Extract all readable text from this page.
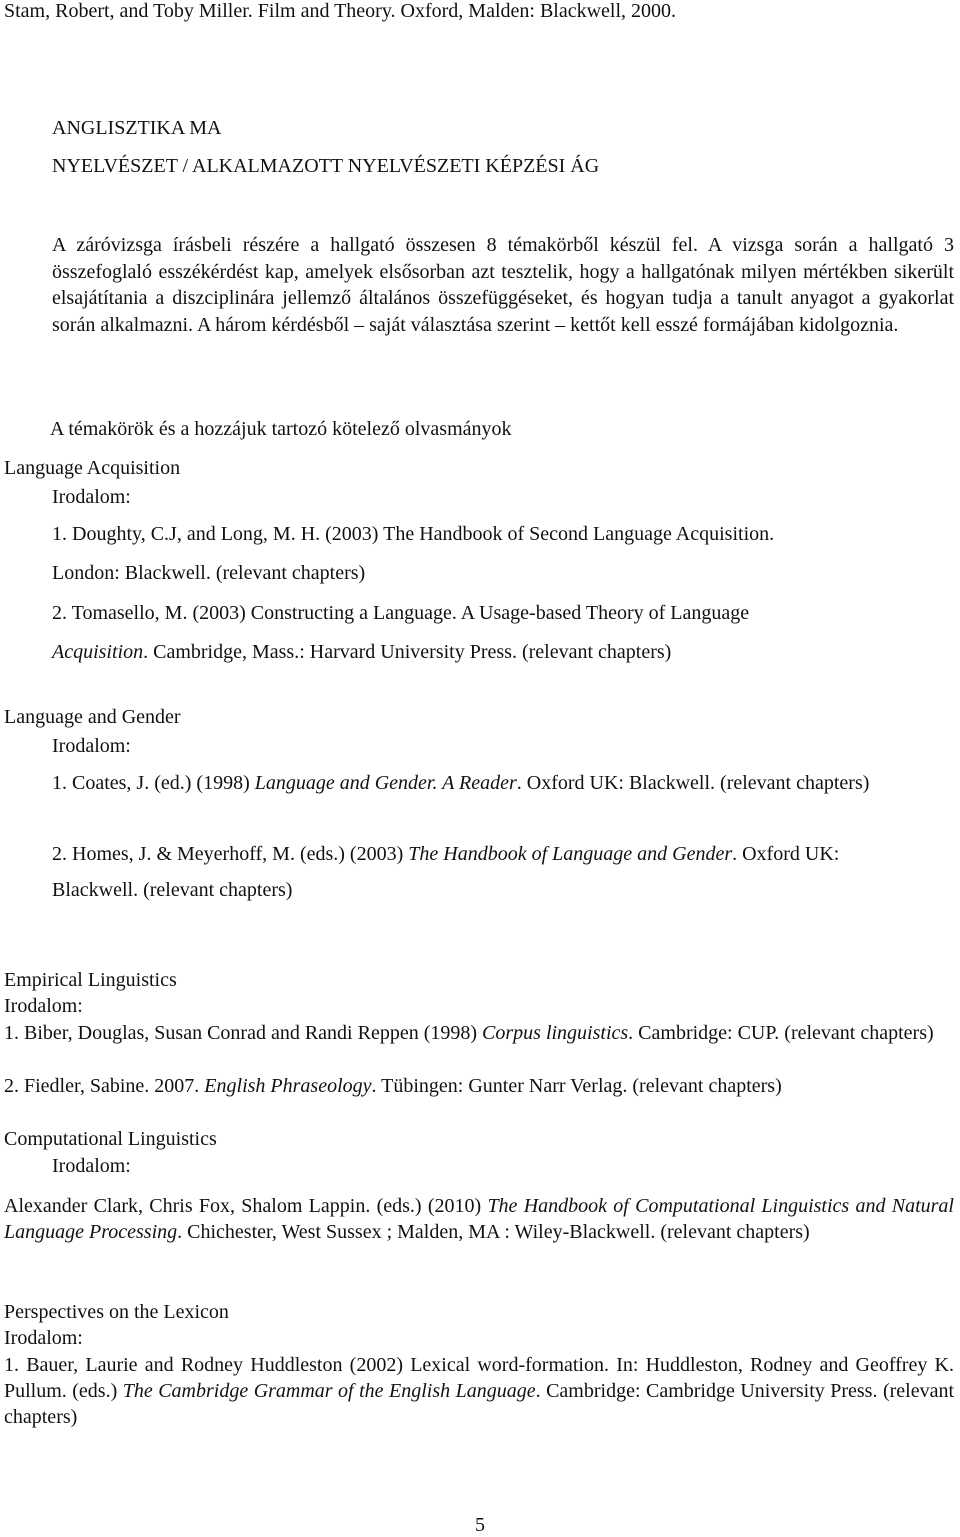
Stam, Robert, and Toby Miller. Film and Theory. Oxford, Malden: Blackwell, 2000.

ANGLISZTIKA MA

NYELVÉSZET / ALKALMAZOTT NYELVÉSZETI KÉPZÉSI ÁG

A záróvizsga írásbeli részére a hallgató összesen 8 témakörből készül fel. A vizsga során a hallgató 3 összefoglaló esszékérdést kap, amelyek elsősorban azt tesztelik, hogy a hallgatónak milyen mértékben sikerült elsajátítania a diszciplinára jellemző általános összefüggéseket, és hogyan tudja a tanult anyagot a gyakorlat során alkalmazni. A három kérdésből – saját választása szerint – kettőt kell esszé formájában kidolgoznia.

A témakörök és a hozzájuk tartozó kötelező olvasmányok

Language Acquisition

Irodalom:

1. Doughty, C.J, and Long, M. H. (2003) The Handbook of Second Language Acquisition.

London: Blackwell. (relevant chapters)

2. Tomasello, M. (2003) Constructing a Language. A Usage-based Theory of Language

Acquisition. Cambridge, Mass.: Harvard University Press. (relevant chapters)

Language and Gender

Irodalom:

1. Coates, J. (ed.) (1998) Language and Gender. A Reader. Oxford UK: Blackwell. (relevant chapters)

2. Homes, J. & Meyerhoff, M. (eds.) (2003) The Handbook of Language and Gender. Oxford UK: Blackwell. (relevant chapters)

Empirical Linguistics

Irodalom:

1. Biber, Douglas, Susan Conrad and Randi Reppen (1998) Corpus linguistics. Cambridge: CUP. (relevant chapters)

2. Fiedler, Sabine. 2007. English Phraseology. Tübingen: Gunter Narr Verlag. (relevant chapters)

Computational Linguistics

Irodalom:

Alexander Clark, Chris Fox, Shalom Lappin. (eds.) (2010) The Handbook of Computational Linguistics and Natural Language Processing. Chichester, West Sussex ; Malden, MA : Wiley-Blackwell. (relevant chapters)

Perspectives on the Lexicon

Irodalom:

1. Bauer, Laurie and Rodney Huddleston (2002) Lexical word-formation. In: Huddleston, Rodney and Geoffrey K. Pullum. (eds.) The Cambridge Grammar of the English Language. Cambridge: Cambridge University Press. (relevant chapters)

5
